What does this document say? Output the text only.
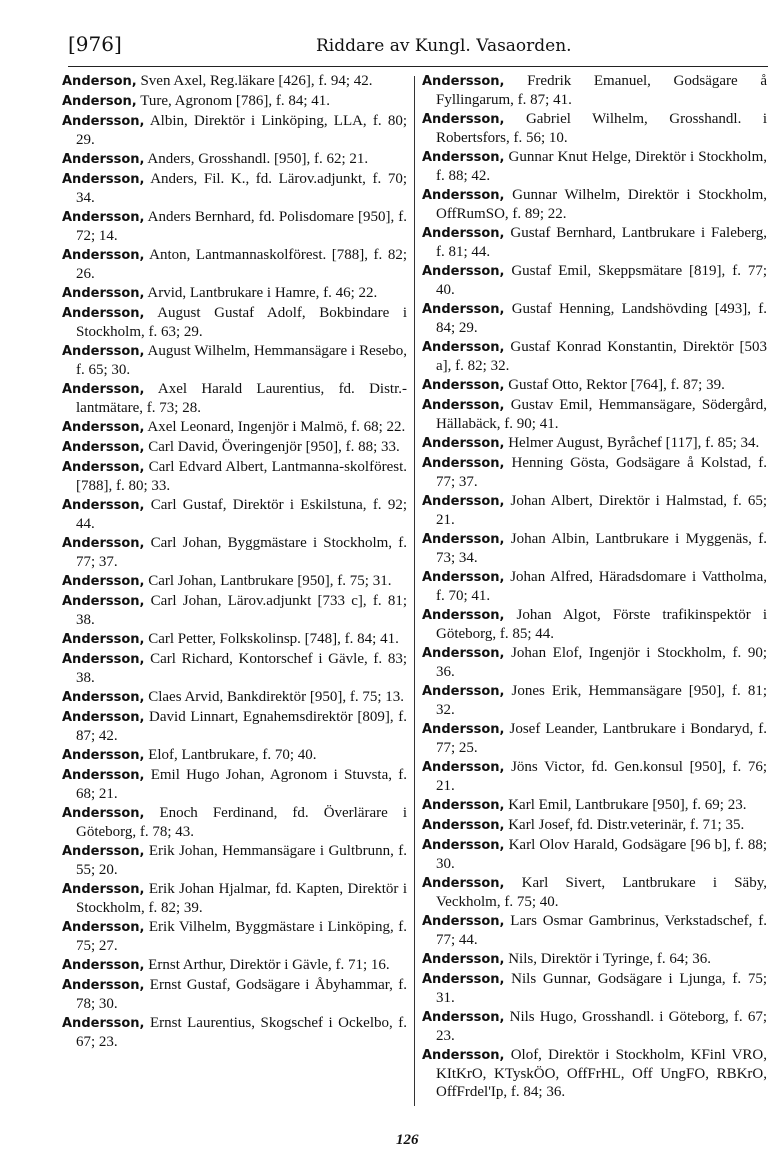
[976]	Riddare av Kungl. Vasaorden.

Anderson, Sven Axel, Reg.läkare [426], f. 94; 42.

Anderson, Ture, Agronom [786], f. 84; 41.

Andersson, Albin, Direktör i Linköping, LLA, f. 80; 29.

Andersson, Anders, Grosshandl. [950], f. 62; 21.

Andersson, Anders, Fil. K., fd. Lärov.adjunkt, f. 70; 34.

Andersson, Anders Bernhard, fd. Polisdomare [950], f. 72; 14.

Andersson, Anton, Lantmannaskolförest. [788], f. 82; 26.

Andersson, Arvid, Lantbrukare i Hamre, f. 46; 22.

Andersson, August Gustaf Adolf, Bokbindare i Stockholm, f. 63; 29.

Andersson, August Wilhelm, Hemmansägare i Resebo, f. 65; 30.

Andersson, Axel Harald Laurentius, fd. Distr.-lantmätare, f. 73; 28.

Andersson, Axel Leonard, Ingenjör i Malmö, f. 68; 22.

Andersson, Carl David, Överingenjör [950], f. 88; 33.

Andersson, Carl Edvard Albert, Lantmanna-skolförest. [788], f. 80; 33.

Andersson, Carl Gustaf, Direktör i Eskilstuna, f. 92; 44.

Andersson, Carl Johan, Byggmästare i Stockholm, f. 77; 37.

Andersson, Carl Johan, Lantbrukare [950], f. 75; 31.

Andersson, Carl Johan, Lärov.adjunkt [733 c], f. 81; 38.

Andersson, Carl Petter, Folkskolinsp. [748], f. 84; 41.

Andersson, Carl Richard, Kontorschef i Gävle, f. 83; 38.

Andersson, Claes Arvid, Bankdirektör [950], f. 75; 13.

Andersson, David Linnart, Egnahemsdirektör [809], f. 87; 42.

Andersson, Elof, Lantbrukare, f. 70; 40.

Andersson, Emil Hugo Johan, Agronom i Stuvsta, f. 68; 21.

Andersson, Enoch Ferdinand, fd. Överlärare i Göteborg, f. 78; 43.

Andersson, Erik Johan, Hemmansägare i Gultbrunn, f. 55; 20.

Andersson, Erik Johan Hjalmar, fd. Kapten, Direktör i Stockholm, f. 82; 39.

Andersson, Erik Vilhelm, Byggmästare i Linköping, f. 75; 27.

Andersson, Ernst Arthur, Direktör i Gävle, f. 71; 16.

Andersson, Ernst Gustaf, Godsägare i Åbyhammar, f. 78; 30.

Andersson, Ernst Laurentius, Skogschef i Ockelbo, f. 67; 23.

Andersson, Fredrik Emanuel, Godsägare å Fyllingarum, f. 87; 41.

Andersson, Gabriel Wilhelm, Grosshandl. i Robertsfors, f. 56; 10.

Andersson, Gunnar Knut Helge, Direktör i Stockholm, f. 88; 42.

Andersson, Gunnar Wilhelm, Direktör i Stockholm, OffRumSO, f. 89; 22.

Andersson, Gustaf Bernhard, Lantbrukare i Faleberg, f. 81; 44.

Andersson, Gustaf Emil, Skeppsmätare [819], f. 77; 40.

Andersson, Gustaf Henning, Landshövding [493], f. 84; 29.

Andersson, Gustaf Konrad Konstantin, Direktör [503 a], f. 82; 32.

Andersson, Gustaf Otto, Rektor [764], f. 87; 39.

Andersson, Gustav Emil, Hemmansägare, Södergård, Hällabäck, f. 90; 41.

Andersson, Helmer August, Byråchef [117], f. 85; 34.

Andersson, Henning Gösta, Godsägare å Kolstad, f. 77; 37.

Andersson, Johan Albert, Direktör i Halmstad, f. 65; 21.

Andersson, Johan Albin, Lantbrukare i Myggenäs, f. 73; 34.

Andersson, Johan Alfred, Häradsdomare i Vattholma, f. 70; 41.

Andersson, Johan Algot, Förste trafikinspektör i Göteborg, f. 85; 44.

Andersson, Johan Elof, Ingenjör i Stockholm, f. 90; 36.

Andersson, Jones Erik, Hemmansägare [950], f. 81; 32.

Andersson, Josef Leander, Lantbrukare i Bondaryd, f. 77; 25.

Andersson, Jöns Victor, fd. Gen.konsul [950], f. 76; 21.

Andersson, Karl Emil, Lantbrukare [950], f. 69; 23.

Andersson, Karl Josef, fd. Distr.veterinär, f. 71; 35.

Andersson, Karl Olov Harald, Godsägare [96 b], f. 88; 30.

Andersson, Karl Sivert, Lantbrukare i Säby, Veckholm, f. 75; 40.

Andersson, Lars Osmar Gambrinus, Verkstadschef, f. 77; 44.

Andersson, Nils, Direktör i Tyringe, f. 64; 36.

Andersson, Nils Gunnar, Godsägare i Ljunga, f. 75; 31.

Andersson, Nils Hugo, Grosshandl. i Göteborg, f. 67; 23.

Andersson, Olof, Direktör i Stockholm, KFinl VRO, KItKrO, KTyskÖO, OffFrHL, Off UngFO, RBKrO, OffFrdel'Ip, f. 84; 36.

126
